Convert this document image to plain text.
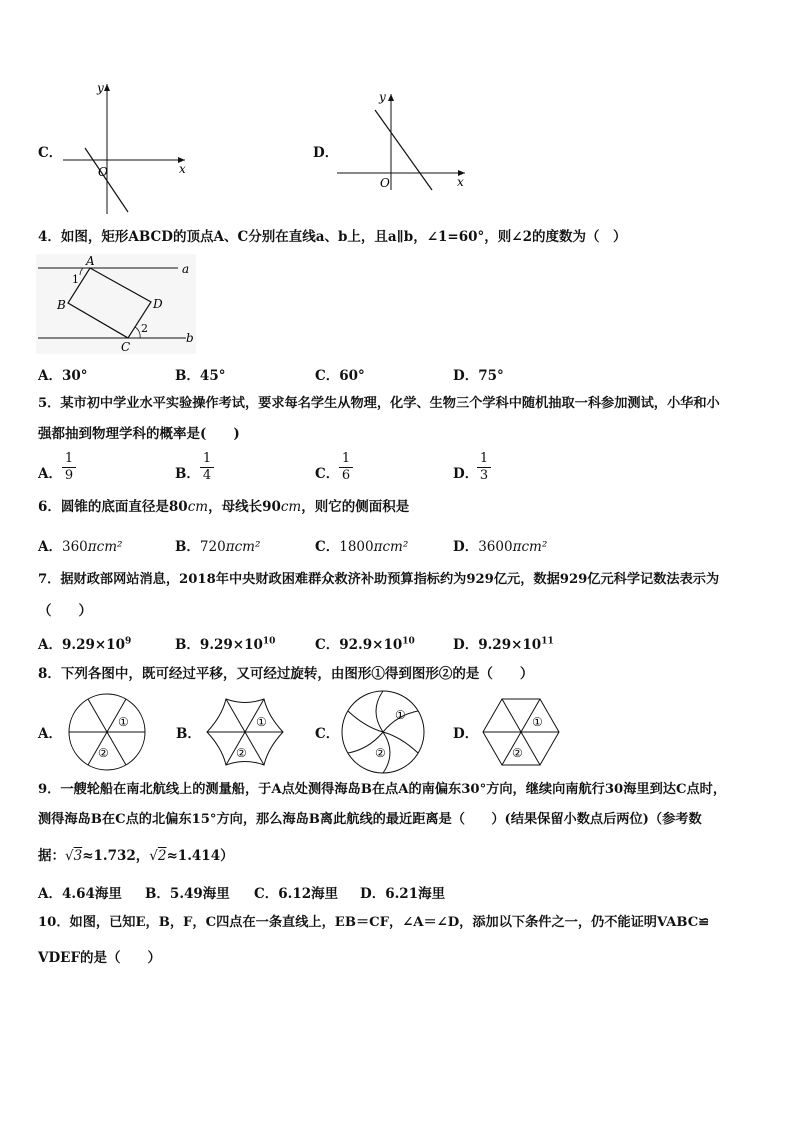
C．
y
x
O
D．
y
x
O
4．如图，矩形ABCD的顶点A、C分别在直线a、b上，且a∥b，∠1=60°，则∠2的度数为（　）
A
B
C
D
a
b
1
2
A．30°	B．45°	C．60°	D．75°
5．某市初中学业水平实验操作考试，要求每名学生从物理，化学、生物三个学科中随机抽取一科参加测试，小华和小
强都抽到物理学科的概率是(　　)
A．
1
9	B．
1
4	C．
1
6	D．
1
3
6．圆锥的底面直径是80cm，母线长90cm，则它的侧面积是
A．360πcm²	B．720πcm²	C．1800πcm²	D．3600πcm²
7．据财政部网站消息，2018年中央财政困难群众救济补助预算指标约为929亿元，数据929亿元科学记数法表示为
（　　）
A．$9.29\times 10^9$	B．$9.29\times 10^{10}$	C．$92.9\times 10^{10}$	D．$9.29\times 10^{11}$
8．下列各图中，既可经过平移，又可经过旋转，由图形①得到图形②的是（　　）
A．
①
②
B．
①
②
C．
①
②
D．
①
②
9．一艘轮船在南北航线上的测量船，于A点处测得海岛B在点A的南偏东30°方向，继续向南航行30海里到达C点时，
测得海岛B在C点的北偏东15°方向，那么海岛B离此航线的最近距离是（　　）(结果保留小数点后两位)（参考数
据：√3≈1.732，√2≈1.414）
A．4.64海里 B．5.49海里 C．6.12海里 D．6.21海里
10．如图，已知E，B，F，C四点在一条直线上，EB＝CF，∠A＝∠D，添加以下条件之一，仍不能证明VABC≌
VDEF的是（　　）
